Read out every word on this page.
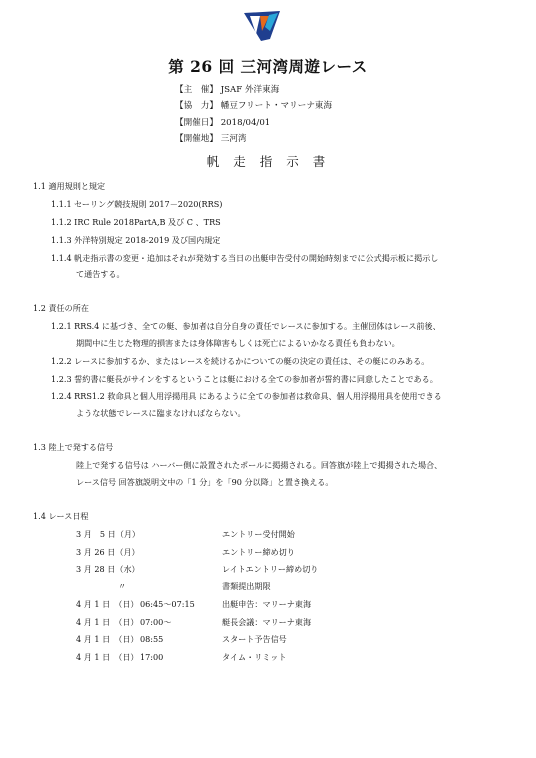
第 26 回 三河湾周遊レース
【主　催】 JSAF 外洋東海
【協　力】 幡豆フリート・マリーナ東海
【開催日】 2018/04/01
【開催地】 三河湾
帆走指示書
1.1 適用規則と規定
1.1.1 セーリング競技規則 2017－2020(RRS)
1.1.2 IRC Rule 2018PartA,B 及び C 、TRS
1.1.3 外洋特別規定 2018-2019 及び国内規定
1.1.4 帆走指示書の変更・追加はそれが発効する当日の出艇申告受付の開始時刻までに公式掲示板に掲示し
て通告する。
1.2 責任の所在
1.2.1 RRS.4 に基づき、全ての艇、参加者は自分自身の責任でレースに参加する。主催団体はレース前後、
期間中に生じた物理的損害または身体障害もしくは死亡によるいかなる責任も負わない。
1.2.2 レースに参加するか、またはレースを続けるかについての艇の決定の責任は、その艇にのみある。
1.2.3 誓約書に艇長がサインをするということは艇における全ての参加者が誓約書に同意したことである。
1.2.4 RRS1.2 救命具と個人用浮揚用具 にあるように全ての参加者は救命具、個人用浮揚用具を使用できる
ような状態でレースに臨まなければならない。
1.3 陸上で発する信号
陸上で発する信号は ハーバー側に設置されたポールに掲揚される。回答旗が陸上で掲揚された場合、
レース信号 回答旗説明文中の「1 分」を「90 分以降」と置き換える。
1.4 レース日程
3 月　5 日（月）	エントリー受付開始
3 月 26 日（月）	エントリー締め切り
3 月 28 日（水）	レイトエントリー締め切り
〃	書類提出期限
4 月 1 日　（日） 06:45～07:15	出艇申告：マリーナ東海
4 月 1 日　（日） 07:00～	艇長会議：マリーナ東海
4 月 1 日　（日） 08:55	スタート予告信号
4 月 1 日　（日） 17:00	タイム・リミット
